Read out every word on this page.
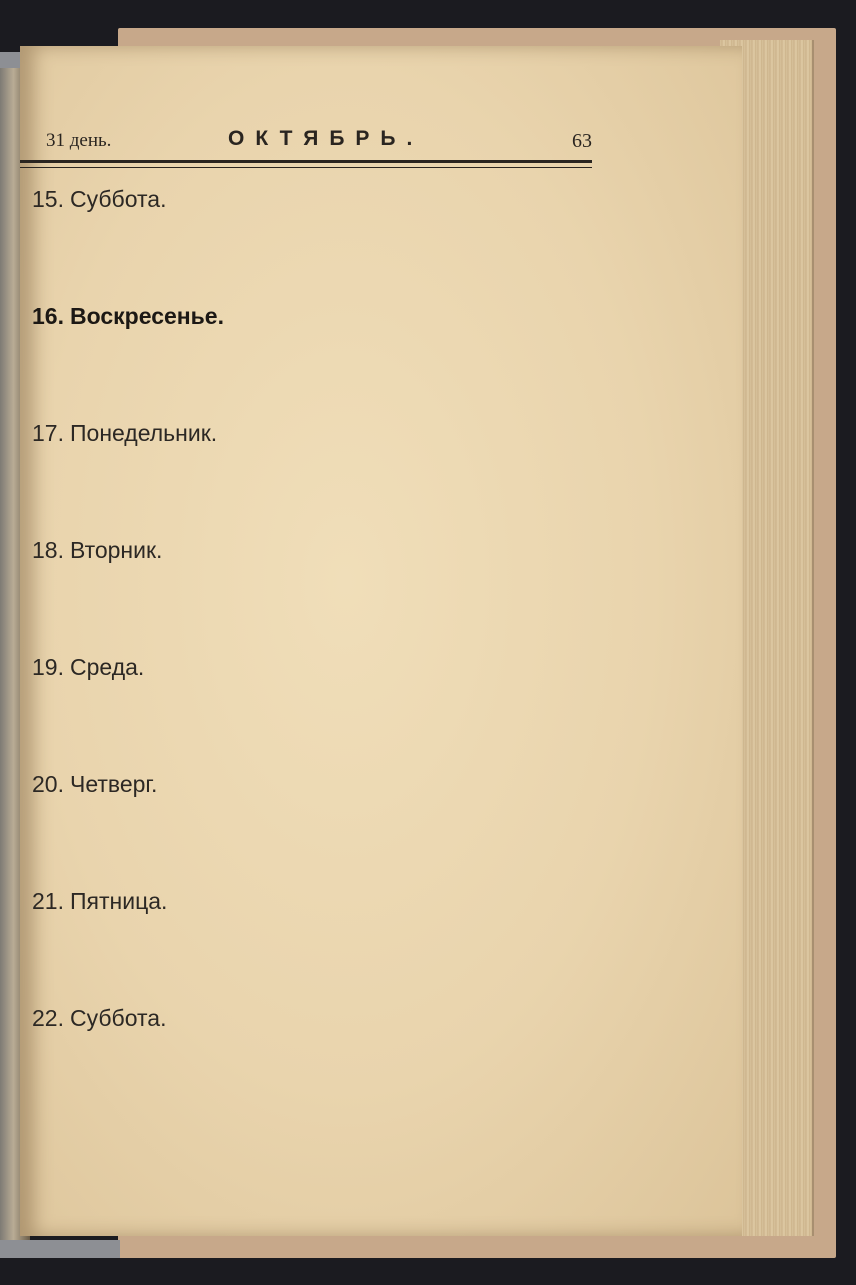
31 день.	ОКТЯБРЬ.	63
15. Суббота.
16. Воскресенье.
17. Понедельник.
18. Вторник.
19. Среда.
20. Четверг.
21. Пятница.
22. Суббота.
